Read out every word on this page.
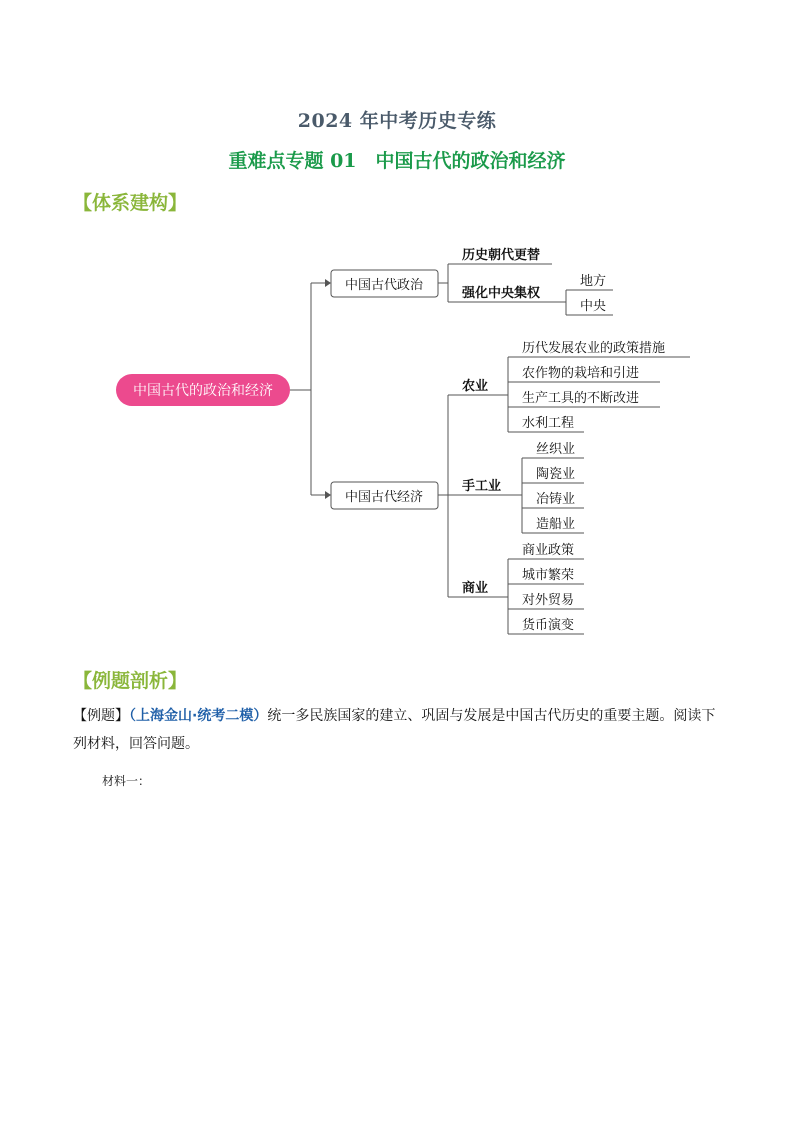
2024 年中考历史专练
重难点专题 01　中国古代的政治和经济
【体系建构】
中国古代的政治和经济
中国古代政治
历史朝代更替
强化中央集权
地方
中央
中国古代经济
农业
历代发展农业的政策措施
农作物的栽培和引进
生产工具的不断改进
水利工程
手工业
丝织业
陶瓷业
冶铸业
造船业
商业
商业政策
城市繁荣
对外贸易
货币演变
【例题剖析】
【例题】（上海金山·统考二模）统一多民族国家的建立、巩固与发展是中国古代历史的重要主题。阅读下
列材料，回答问题。
材料一：
